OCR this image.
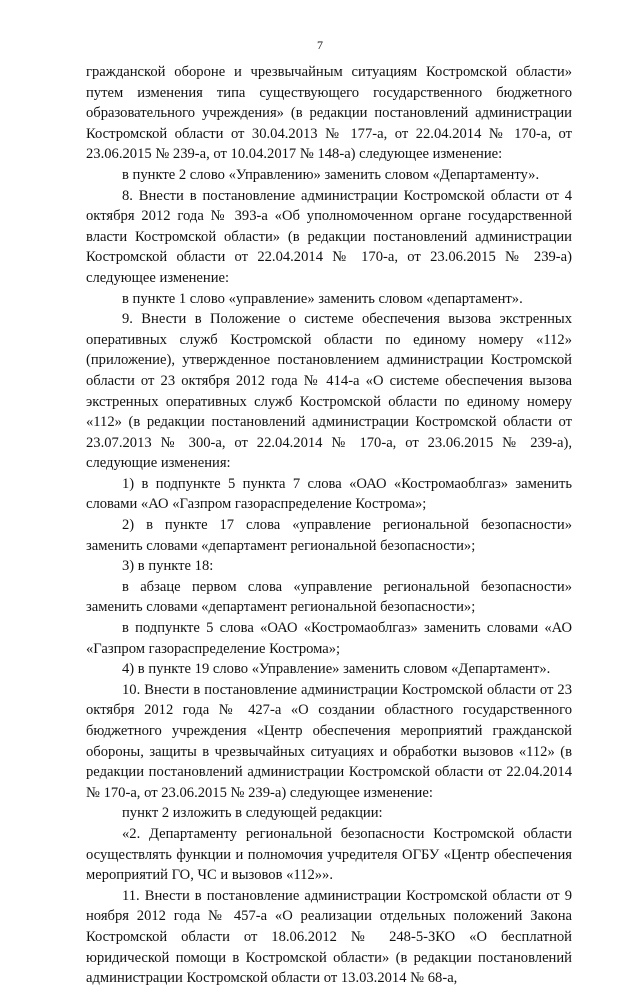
7

гражданской обороне и чрезвычайным ситуациям Костромской области» путем изменения типа существующего государственного бюджетного образовательного учреждения» (в редакции постановлений администрации Костромской области от 30.04.2013 № 177-а, от 22.04.2014 № 170-а, от 23.06.2015 № 239-а, от 10.04.2017 № 148-а) следующее изменение:

в пункте 2 слово «Управлению» заменить словом «Департаменту».

8. Внести в постановление администрации Костромской области от 4 октября 2012 года № 393-а «Об уполномоченном органе государственной власти Костромской области» (в редакции постановлений администрации Костромской области от 22.04.2014 № 170-а, от 23.06.2015 № 239-а) следующее изменение:

в пункте 1 слово «управление» заменить словом «департамент».

9. Внести в Положение о системе обеспечения вызова экстренных оперативных служб Костромской области по единому номеру «112» (приложение), утвержденное постановлением администрации Костромской области от 23 октября 2012 года № 414-а «О системе обеспечения вызова экстренных оперативных служб Костромской области по единому номеру «112» (в редакции постановлений администрации Костромской области от 23.07.2013 № 300-а, от 22.04.2014 № 170-а, от 23.06.2015 № 239-а), следующие изменения:

1) в подпункте 5 пункта 7 слова «ОАО «Костромаоблгаз» заменить словами «АО «Газпром газораспределение Кострома»;

2) в пункте 17 слова «управление региональной безопасности» заменить словами «департамент региональной безопасности»;

3) в пункте 18:

в абзаце первом слова «управление региональной безопасности» заменить словами «департамент региональной безопасности»;

в подпункте 5 слова «ОАО «Костромаоблгаз» заменить словами «АО «Газпром газораспределение Кострома»;

4) в пункте 19 слово «Управление» заменить словом «Департамент».

10. Внести в постановление администрации Костромской области от 23 октября 2012 года № 427-а «О создании областного государственного бюджетного учреждения «Центр обеспечения мероприятий гражданской обороны, защиты в чрезвычайных ситуациях и обработки вызовов «112» (в редакции постановлений администрации Костромской области от 22.04.2014 № 170-а, от 23.06.2015 № 239-а) следующее изменение:

пункт 2 изложить в следующей редакции:

«2. Департаменту региональной безопасности Костромской области осуществлять функции и полномочия учредителя ОГБУ «Центр обеспечения мероприятий ГО, ЧС и вызовов «112»».

11. Внести в постановление администрации Костромской области от 9 ноября 2012 года № 457-а «О реализации отдельных положений Закона Костромской области от 18.06.2012 № 248-5-ЗКО «О бесплатной юридической помощи в Костромской области» (в редакции постановлений администрации Костромской области от 13.03.2014 № 68-а,
